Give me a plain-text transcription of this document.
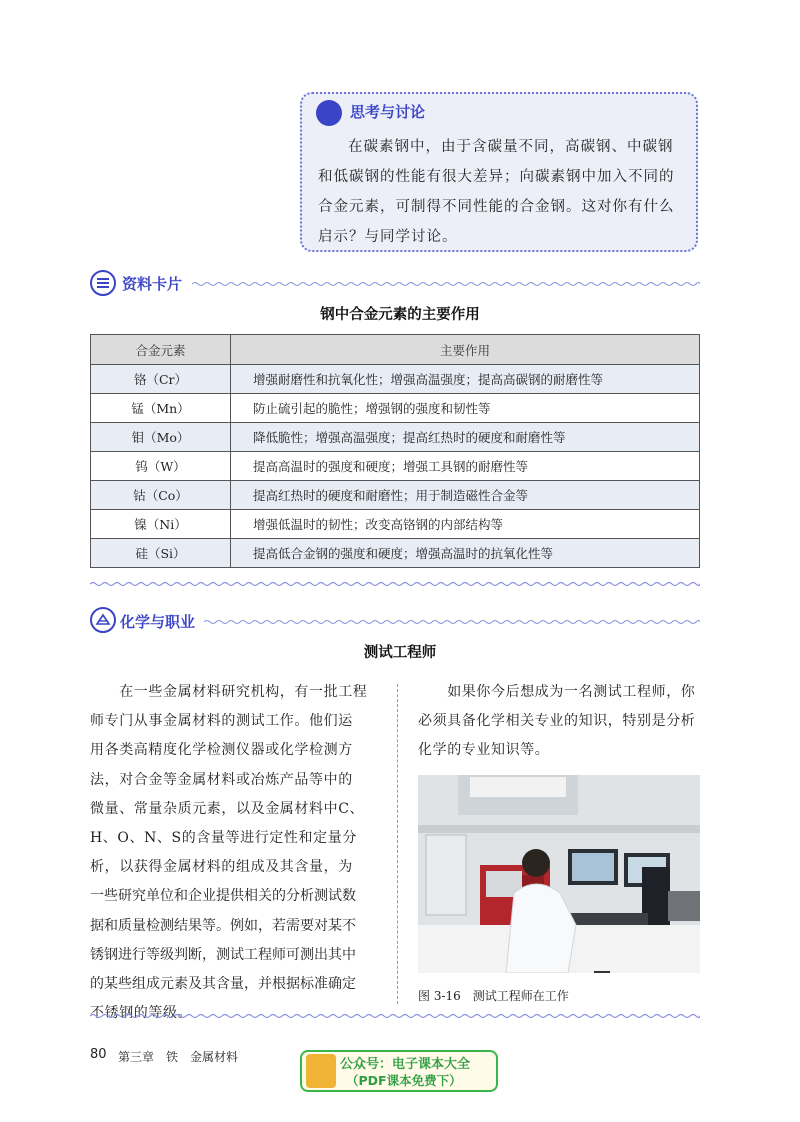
思考与讨论

在碳素钢中，由于含碳量不同，高碳钢、中碳钢
和低碳钢的性能有很大差异；向碳素钢中加入不同的
合金元素，可制得不同性能的合金钢。这对你有什么
启示？与同学讨论。

资料卡片
钢中合金元素的主要作用
合金元素	主要作用
铬（Cr）	增强耐磨性和抗氧化性；增强高温强度；提高高碳钢的耐磨性等
锰（Mn）	防止硫引起的脆性；增强钢的强度和韧性等
钼（Mo）	降低脆性；增强高温强度；提高红热时的硬度和耐磨性等
钨（W）	提高高温时的强度和硬度；增强工具钢的耐磨性等
钴（Co）	提高红热时的硬度和耐磨性；用于制造磁性合金等
镍（Ni）	增强低温时的韧性；改变高铬钢的内部结构等
硅（Si）	提高低合金钢的强度和硬度；增强高温时的抗氧化性等
化学与职业
测试工程师

　　在一些金属材料研究机构，有一批工程
师专门从事金属材料的测试工作。他们运
用各类高精度化学检测仪器或化学检测方
法，对合金等金属材料或冶炼产品等中的
微量、常量杂质元素，以及金属材料中C、
H、O、N、S的含量等进行定性和定量分
析，以获得金属材料的组成及其含量，为
一些研究单位和企业提供相关的分析测试数
据和质量检测结果等。例如，若需要对某不
锈钢进行等级判断，测试工程师可测出其中
的某些组成元素及其含量，并根据标准确定
不锈钢的等级。

　　如果你今后想成为一名测试工程师，你
必须具备化学相关专业的知识，特别是分析
化学的专业知识等。

图 3-16　测试工程师在工作
80 第三章　铁　金属材料	公众号：电子课本大全
（PDF课本免费下）
